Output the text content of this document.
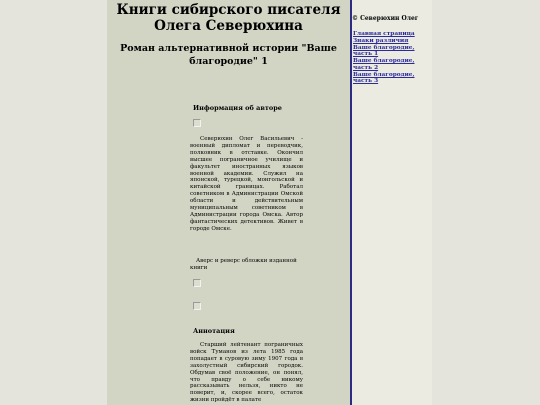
Книги сибирского писателя Олега Северюхина
Роман альтернативной истории "Ваше благородие" 1
Информация об авторе
Северюхин Олег Васильевич - военный дипломат и переводчик, полковник в отставке. Окончил высшее пограничное училище и факультет иностранных языков военной академии. Служил на японской, турецкой, монгольской и китайской границах. Работал советником в Администрации Омской области и действительным муниципальным советником в Администрации города Омска. Автор фантастических детективов. Живет в городе Омске.
Аверс и реверс обложки изданной книги
Аннотация
Старший лейтенант пограничных войск Туманов из лета 1985 года попадает в суровую зиму 1907 года в захолустный сибирский городок. Обдумав своё положение, он понял, что правду о себе никому рассказывать нельзя, никто не поверит, и, скорее всего, остаток жизни пройдёт в палате
© Северюхин Олег
Главная страница
Знаки различия
Ваше благородие, часть 1
Ваше благородие, часть 2
Ваше благородие, часть 3
